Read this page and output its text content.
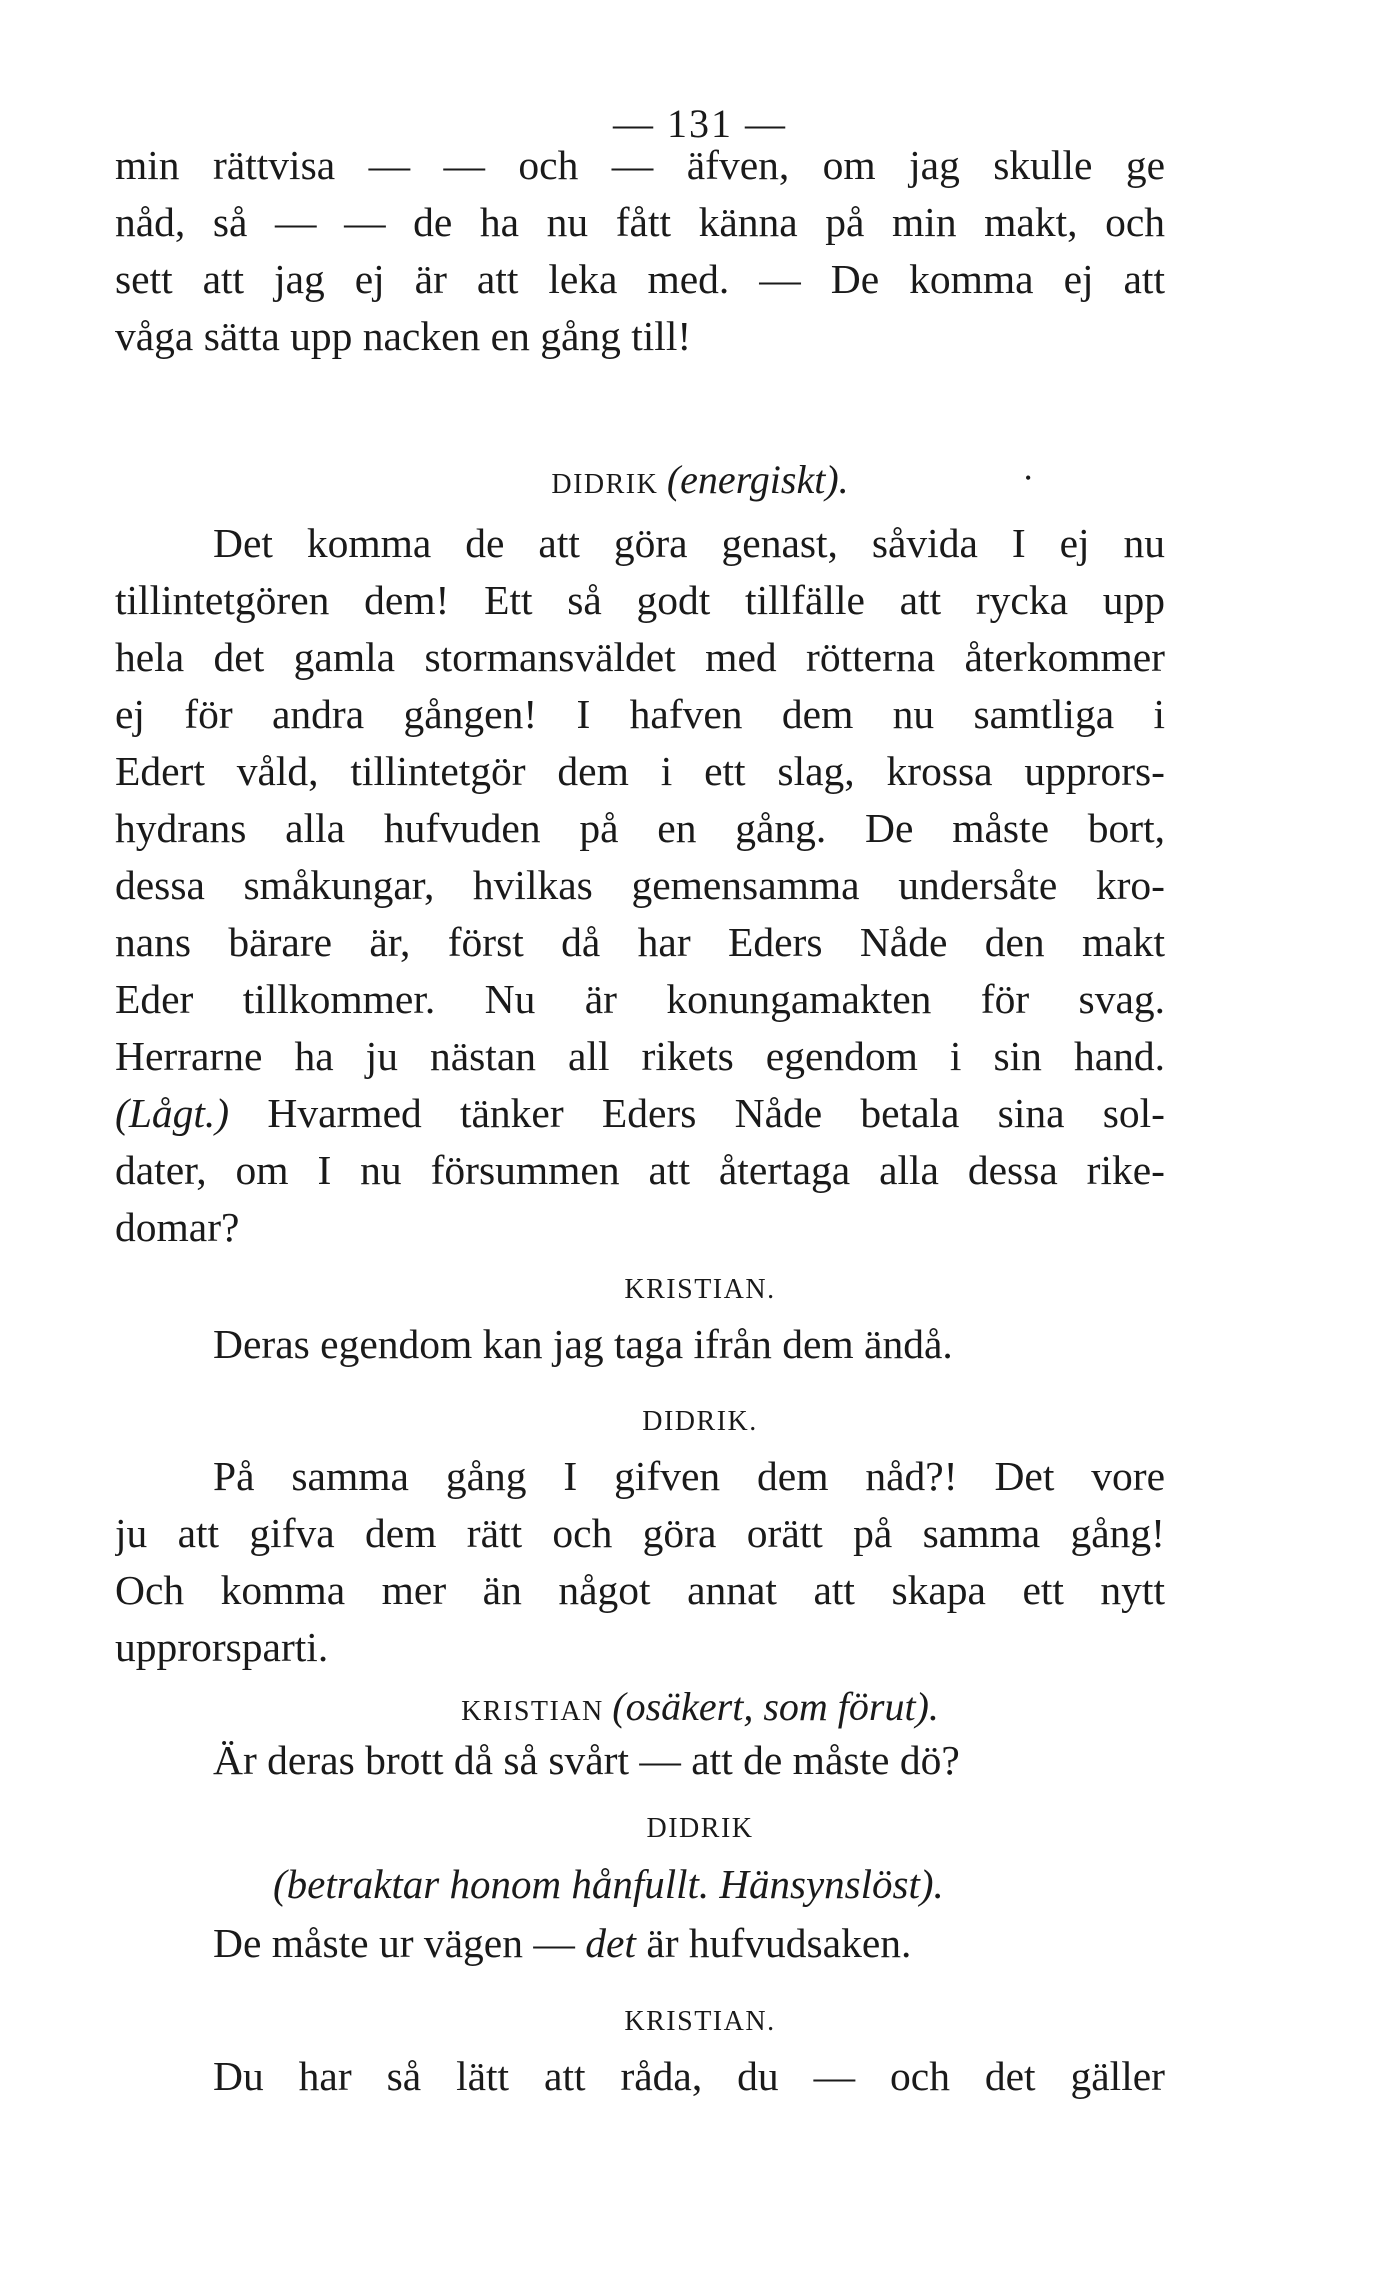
— 131 —
min rättvisa — — och — äfven, om jag skulle ge
nåd, så — — de ha nu fått känna på min makt, och
sett att jag ej är att leka med. — De komma ej att
våga sätta upp nacken en gång till!
DIDRIK (energiskt).	•
Det komma de att göra genast, såvida I ej nu
tillintetgören dem! Ett så godt tillfälle att rycka upp
hela det gamla stormansväldet med rötterna återkommer
ej för andra gången! I hafven dem nu samtliga i
Edert våld, tillintetgör dem i ett slag, krossa upprors-
hydrans alla hufvuden på en gång. De måste bort,
dessa småkungar, hvilkas gemensamma undersåte kro-
nans bärare är, först då har Eders Nåde den makt
Eder tillkommer. Nu är konungamakten för svag.
Herrarne ha ju nästan all rikets egendom i sin hand.
(Lågt.) Hvarmed tänker Eders Nåde betala sina sol-
dater, om I nu försummen att återtaga alla dessa rike-
domar?
KRISTIAN.
Deras egendom kan jag taga ifrån dem ändå.
DIDRIK.
På samma gång I gifven dem nåd?! Det vore
ju att gifva dem rätt och göra orätt på samma gång!
Och komma mer än något annat att skapa ett nytt
upprorsparti.
KRISTIAN (osäkert, som förut).
Är deras brott då så svårt — att de måste dö?
DIDRIK
(betraktar honom hånfullt. Hänsynslöst).
De måste ur vägen — det är hufvudsaken.
KRISTIAN.
Du har så lätt att råda, du — och det gäller
